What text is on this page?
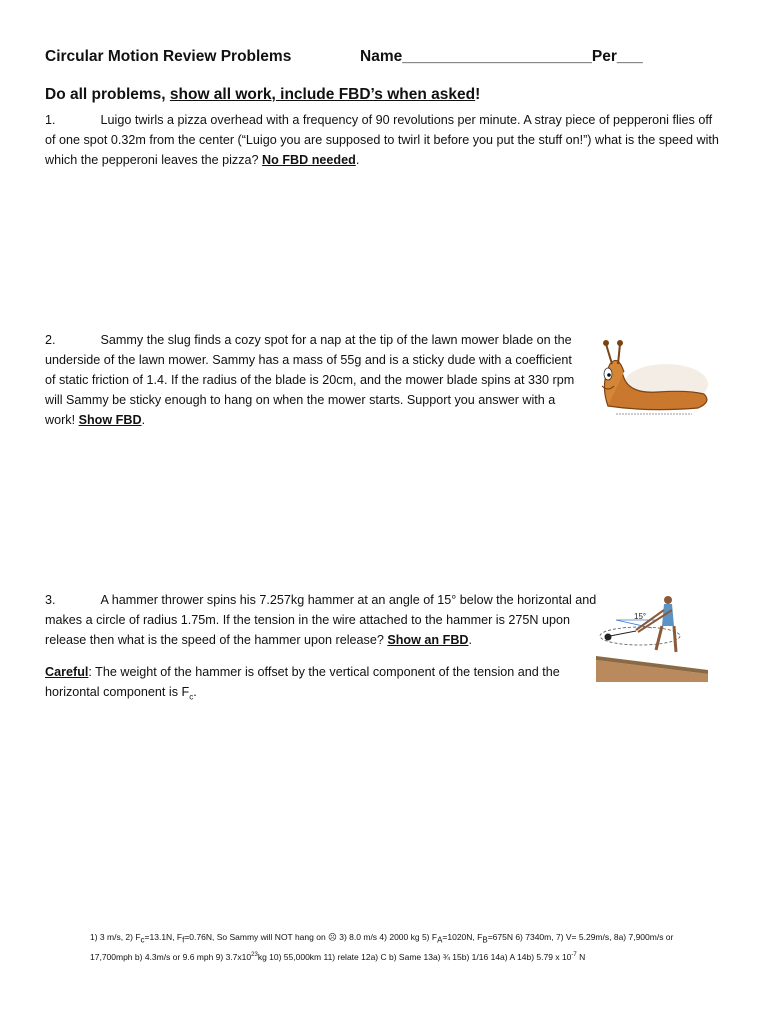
Circular Motion Review Problems	Name______________________Per___
Do all problems, show all work, include FBD’s when asked!
1.	Luigo twirls a pizza overhead with a frequency of 90 revolutions per minute. A stray piece of pepperoni flies off of one spot 0.32m from the center (“Luigo you are supposed to twirl it before you put the stuff on!”) what is the speed with which the pepperoni leaves the pizza? No FBD needed.
2.	Sammy the slug finds a cozy spot for a nap at the tip of the lawn mower blade on the underside of the lawn mower. Sammy has a mass of 55g and is a sticky dude with a coefficient of static friction of 1.4. If the radius of the blade is 20cm, and the mower blade spins at 330 rpm will Sammy be sticky enough to hang on when the mower starts. Support you answer with a work! Show FBD.
3.	A hammer thrower spins his 7.257kg hammer at an angle of 15° below the horizontal and makes a circle of radius 1.75m. If the tension in the wire attached to the hammer is 275N upon release then what is the speed of the hammer upon release? Show an FBD.
15°
Careful: The weight of the hammer is offset by the vertical component of the tension and the horizontal component is $F_c$.
1) 3 m/s, 2) $F_c=13.1N$, $F_f=0.76N$, So Sammy will NOT hang on ☹ 3) 8.0 m/s 4) 2000 kg 5) $F_A=1020N$, $F_B=675N$ 6) 7340m, 7) V= 5.29m/s, 8a) 7,900m/s or
17,700mph b) 4.3m/s or 9.6 mph 9) $3.7x10^{23}kg$ 10) 55,000km 11) relate 12a) C b) Same 13a) ¾ 15b) 1/16 14a) A 14b) 5.79 x $10^{-7}$ N
